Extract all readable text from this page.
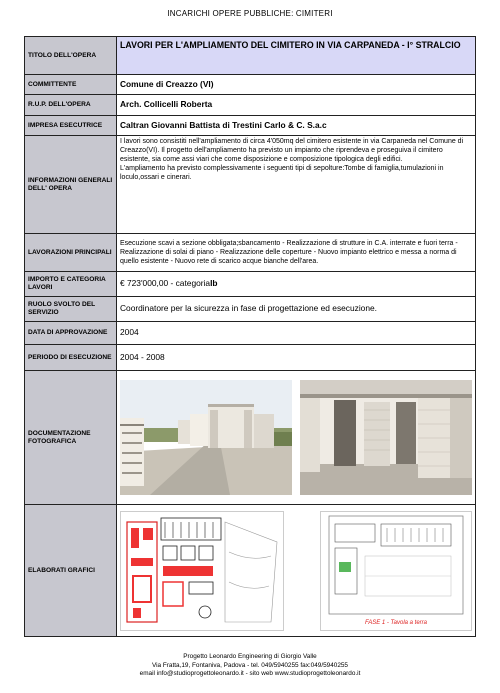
INCARICHI OPERE PUBBLICHE: CIMITERI
TITOLO DELL'OPERA	LAVORI PER L'AMPLIAMENTO DEL CIMITERO IN VIA CARPANEDA - I° STRALCIO
COMMITTENTE	Comune di Creazzo (VI)
R.U.P. DELL'OPERA	Arch. Collicelli Roberta
IMPRESA ESECUTRICE	Caltran Giovanni Battista di Trestini Carlo & C. S.a.c
INFORMAZIONI GENERALI DELL' OPERA	I lavori sono consistiti nell'ampliamento di circa 4'050mq del cimitero esistente in via Carpaneda nel Comune di Creazzo(VI). Il progetto dell'ampliamento ha previsto un impianto che riprendeva e proseguiva il cimitero esistente, sia come assi viari che come disposizione e composizione tipologica degli edifici.
L'ampliamento ha previsto complessivamente i seguenti tipi di sepolture:Tombe di famiglia,tumulazioni in loculo,ossari e cinerari.

LAVORAZIONI PRINCIPALI	Esecuzione scavi a sezione obbligata;sbancamento - Realizzazione di strutture in C.A. interrate e fuori terra - Realizzazione di solai di piano - Realizzazione delle coperture - Nuovo impianto elettrico e messa a norma di quello esistente - Nuovo rete di scarico acque bianche dell'area.
IMPORTO E CATEGORIA LAVORI	€ 723'000,00 - categoriaIb
RUOLO SVOLTO DEL SERVIZIO	Coordinatore per la sicurezza in fase di progettazione ed esecuzione.
DATA DI APPROVAZIONE	2004
PERIODO DI ESECUZIONE	2004 - 2008
DOCUMENTAZIONE FOTOGRAFICA	

ELABORATI GRAFICI	FASE 1 - Tavola a terra
Progetto Leonardo Engineering di Giorgio Valle
Via Fratta,19, Fontaniva, Padova - tel. 049/5940255 fax:049/5940255
email info@studioprogettoleonardo.it - sito web www.studioprogettoleonardo.it
